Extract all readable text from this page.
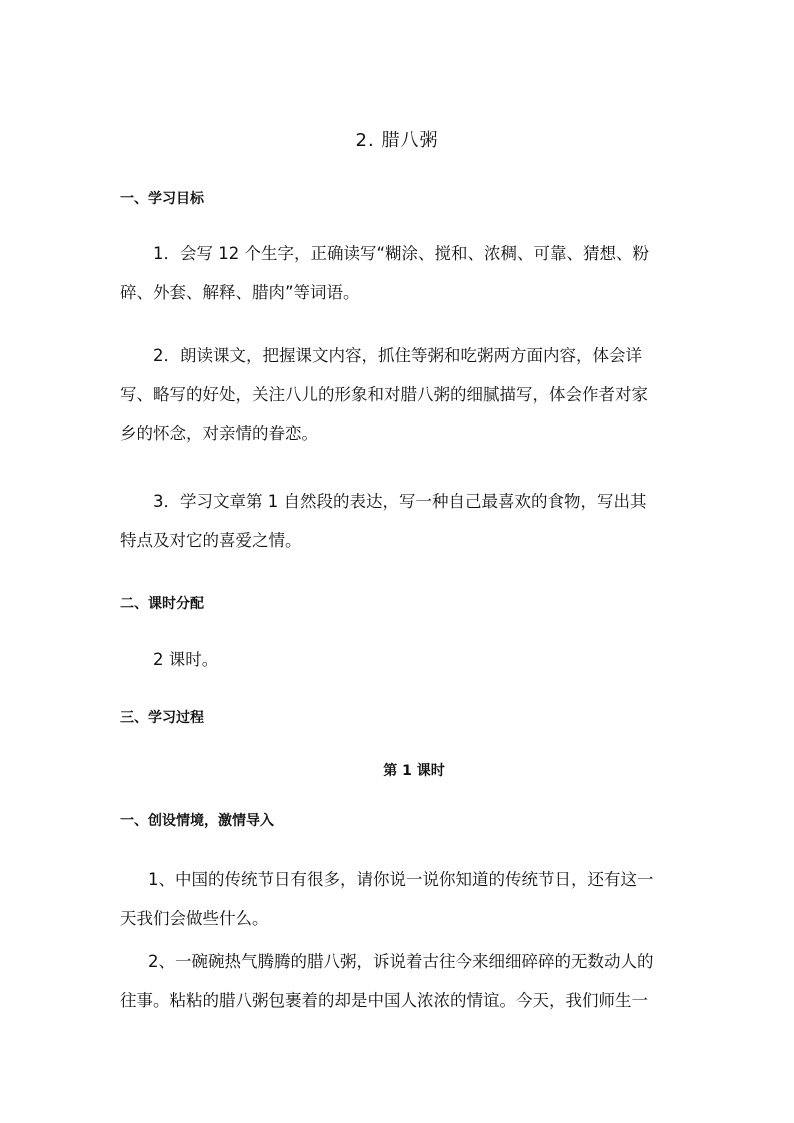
2. 腊八粥
一、学习目标
1．会写 12 个生字，正确读写“糊涂、搅和、浓稠、可靠、猜想、粉
碎、外套、解释、腊肉”等词语。
2．朗读课文，把握课文内容，抓住等粥和吃粥两方面内容，体会详
写、略写的好处，关注八儿的形象和对腊八粥的细腻描写，体会作者对家
乡的怀念，对亲情的眷恋。
3．学习文章第 1 自然段的表达，写一种自己最喜欢的食物，写出其
特点及对它的喜爱之情。
二、课时分配
2 课时。
三、学习过程
第 1 课时
一、创设情境，激情导入
1、中国的传统节日有很多，请你说一说你知道的传统节日，还有这一
天我们会做些什么。
2、一碗碗热气腾腾的腊八粥，诉说着古往今来细细碎碎的无数动人的
往事。粘粘的腊八粥包裹着的却是中国人浓浓的情谊。今天，我们师生一
